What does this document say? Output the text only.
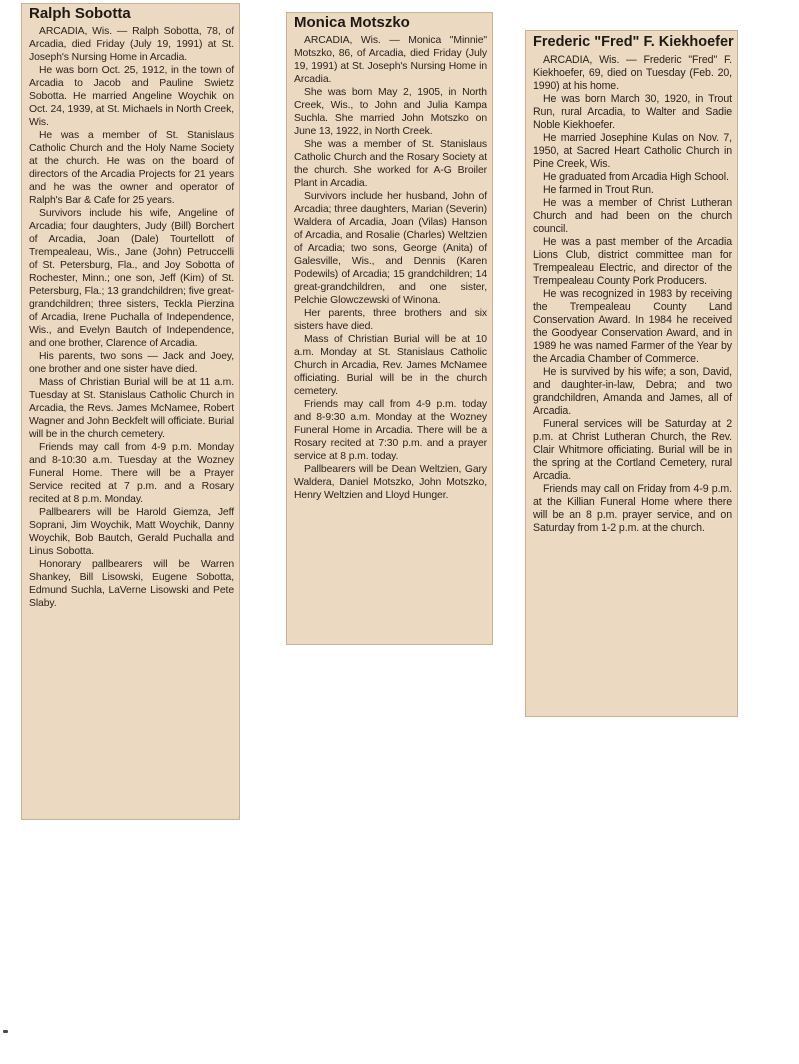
Ralph Sobotta

ARCADIA, Wis. — Ralph Sobotta, 78, of Arcadia, died Friday (July 19, 1991) at St. Joseph's Nursing Home in Arcadia.

He was born Oct. 25, 1912, in the town of Arcadia to Jacob and Pauline Swietz Sobotta. He married Angeline Woychik on Oct. 24, 1939, at St. Michaels in North Creek, Wis.

He was a member of St. Stanislaus Catholic Church and the Holy Name Society at the church. He was on the board of directors of the Arcadia Projects for 21 years and he was the owner and operator of Ralph's Bar & Cafe for 25 years.

Survivors include his wife, Angeline of Arcadia; four daughters, Judy (Bill) Borchert of Arcadia, Joan (Dale) Tourtellott of Trempealeau, Wis., Jane (John) Petruccelli of St. Petersburg, Fla., and Joy Sobotta of Rochester, Minn.; one son, Jeff (Kim) of St. Petersburg, Fla.; 13 grandchildren; five great-grandchildren; three sisters, Teckla Pierzina of Arcadia, Irene Puchalla of Independence, Wis., and Evelyn Bautch of Independence, and one brother, Clarence of Arcadia.

His parents, two sons — Jack and Joey, one brother and one sister have died.

Mass of Christian Burial will be at 11 a.m. Tuesday at St. Stanislaus Catholic Church in Arcadia, the Revs. James McNamee, Robert Wagner and John Beckfelt will officiate. Burial will be in the church cemetery.

Friends may call from 4-9 p.m. Monday and 8-10:30 a.m. Tuesday at the Wozney Funeral Home. There will be a Prayer Service recited at 7 p.m. and a Rosary recited at 8 p.m. Monday.

Pallbearers will be Harold Giemza, Jeff Soprani, Jim Woychik, Matt Woychik, Danny Woychik, Bob Bautch, Gerald Puchalla and Linus Sobotta.

Honorary pallbearers will be Warren Shankey, Bill Lisowski, Eugene Sobotta, Edmund Suchla, LaVerne Lisowski and Pete Slaby.

Monica Motszko

ARCADIA, Wis. — Monica "Minnie" Motszko, 86, of Arcadia, died Friday (July 19, 1991) at St. Joseph's Nursing Home in Arcadia.

She was born May 2, 1905, in North Creek, Wis., to John and Julia Kampa Suchla. She married John Motszko on June 13, 1922, in North Creek.

She was a member of St. Stanislaus Catholic Church and the Rosary Society at the church. She worked for A-G Broiler Plant in Arcadia.

Survivors include her husband, John of Arcadia; three daughters, Marian (Severin) Waldera of Arcadia, Joan (Vilas) Hanson of Arcadia, and Rosalie (Charles) Weltzien of Arcadia; two sons, George (Anita) of Galesville, Wis., and Dennis (Karen Podewils) of Arcadia; 15 grandchildren; 14 great-grandchildren, and one sister, Pelchie Glowczewski of Winona.

Her parents, three brothers and six sisters have died.

Mass of Christian Burial will be at 10 a.m. Monday at St. Stanislaus Catholic Church in Arcadia, Rev. James McNamee officiating. Burial will be in the church cemetery.

Friends may call from 4-9 p.m. today and 8-9:30 a.m. Monday at the Wozney Funeral Home in Arcadia. There will be a Rosary recited at 7:30 p.m. and a prayer service at 8 p.m. today.

Pallbearers will be Dean Weltzien, Gary Waldera, Daniel Motszko, John Motszko, Henry Weltzien and Lloyd Hunger.

Frederic "Fred" F. Kiekhoefer

ARCADIA, Wis. — Frederic "Fred" F. Kiekhoefer, 69, died on Tuesday (Feb. 20, 1990) at his home.

He was born March 30, 1920, in Trout Run, rural Arcadia, to Walter and Sadie Noble Kiekhoefer.

He married Josephine Kulas on Nov. 7, 1950, at Sacred Heart Catholic Church in Pine Creek, Wis.

He graduated from Arcadia High School.

He farmed in Trout Run.

He was a member of Christ Lutheran Church and had been on the church council.

He was a past member of the Arcadia Lions Club, district committee man for Trempealeau Electric, and director of the Trempealeau County Pork Producers.

He was recognized in 1983 by receiving the Trempealeau County Land Conservation Award. In 1984 he received the Goodyear Conservation Award, and in 1989 he was named Farmer of the Year by the Arcadia Chamber of Commerce.

He is survived by his wife; a son, David, and daughter-in-law, Debra; and two grandchildren, Amanda and James, all of Arcadia.

Funeral services will be Saturday at 2 p.m. at Christ Lutheran Church, the Rev. Clair Whitmore officiating. Burial will be in the spring at the Cortland Cemetery, rural Arcadia.

Friends may call on Friday from 4-9 p.m. at the Killian Funeral Home where there will be an 8 p.m. prayer service, and on Saturday from 1-2 p.m. at the church.
